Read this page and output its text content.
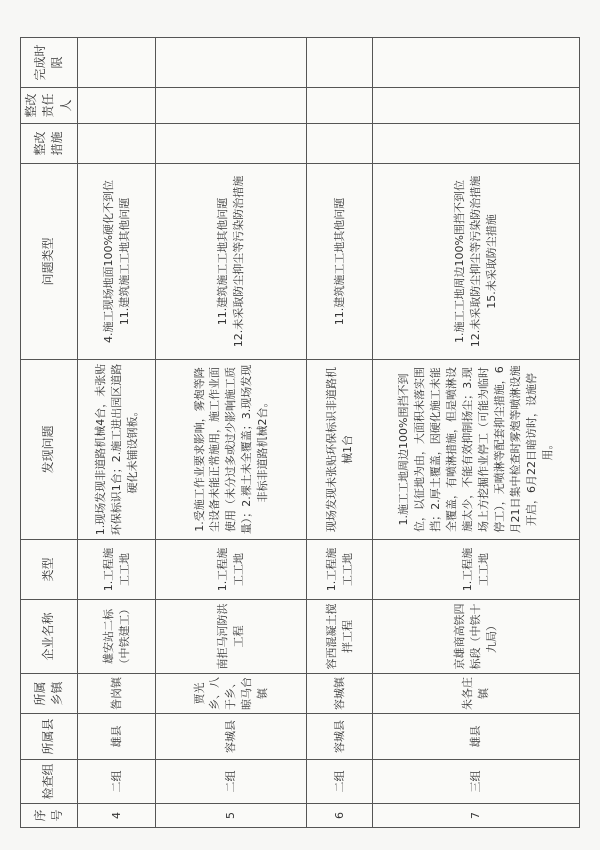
序号	检查组	所属县	所属乡镇	企业名称	类型	发现问题	问题类型	整改措施	整改责任人	完成时限
4	二组	雄县	昝岗镇	雄安站二标（中铁建工）	1.工程施工工地	1.现场发现非道路机械4台，未张贴环保标识1台；2.施工进出园区道路硬化未铺设钢板。	4.施工现场地面100%硬化不到位
11.建筑施工工地其他问题			
5	二组	容城县	贾光乡、八于乡、晾马台镇	南拒马河防洪工程	1.工程施工工地	1.受施工作业要求影响，雾炮等降尘设备未能正常施用，施工作业面使用（未分过多或过少影响施工质量）；2.裸土未全覆盖；3.现场发现非标非道路机械2台。	11.建筑施工工地其他问题
12.未采取防尘抑尘等污染防治措施			
6	二组	容城县	容城镇	容西混凝土搅拌工程	1.工程施工工地	现场发现未张贴环保标识非道路机械1台	11.建筑施工工地其他问题			
7	三组	雄县	朱各庄镇	京雄商高铁四标段（中铁十九局）	1.工程施工工地	1.施工工地周边100%围挡不到位，以征地为由，大面积未落实围挡；2.厚土覆盖，因硬化施工未能全覆盖，有喷淋措施，但是喷淋设施太少，不能有效抑制扬尘；3.现场上方挖掘作业停工（可能为临时停工），无喷淋等配套抑尘措施，6月21日集中检查时雾炮等喷淋设施开启，6月22日暗访时，设施停用。	1.施工工地周边100%围挡不到位
12.未采取防尘抑尘等污染防治措施
15.未采取防尘措施			
